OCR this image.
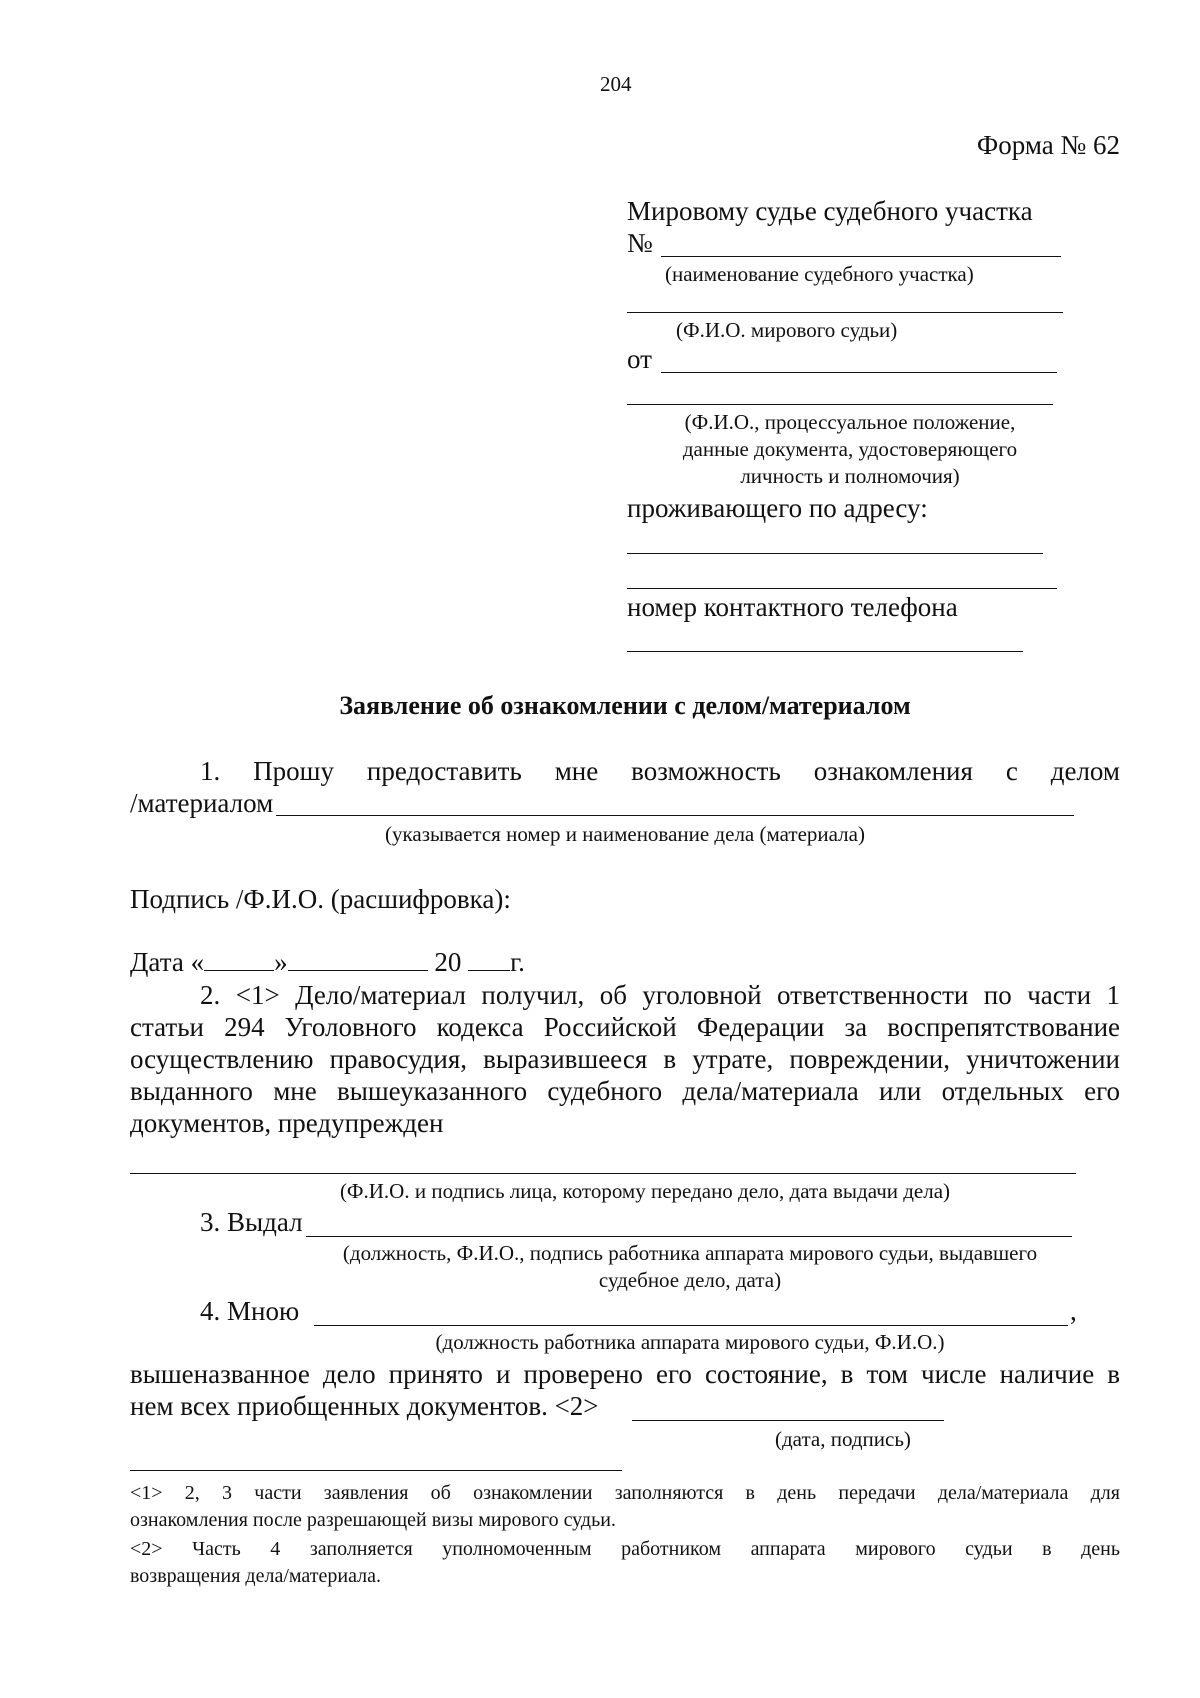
204
Форма № 62
Мировому судье судебного участка
№
(наименование судебного участка)
(Ф.И.О. мирового судьи)
от
(Ф.И.О., процессуальное положение,
данные документа, удостоверяющего
личность и полномочия)
проживающего по адресу:
номер контактного телефона
Заявление об ознакомлении с делом/материалом
1. Прошу предоставить мне возможность ознакомления с делом
/материалом
(указывается номер и наименование дела (материала)
Подпись /Ф.И.О. (расшифровка):
Дата «	»	20 г.
2. <1> Дело/материал получил, об уголовной ответственности по части 1
статьи 294 Уголовного кодекса Российской Федерации за воспрепятствование
осуществлению правосудия, выразившееся в утрате, повреждении, уничтожении
выданного мне вышеуказанного судебного дела/материала или отдельных его
документов, предупрежден
(Ф.И.О. и подпись лица, которому передано дело, дата выдачи дела)
3. Выдал
(должность, Ф.И.О., подпись работника аппарата мирового судьи, выдавшего
судебное дело, дата)
4. Мною	,
(должность работника аппарата мирового судьи, Ф.И.О.)
вышеназванное дело принято и проверено его состояние, в том числе наличие в
нем всех приобщенных документов. <2>
(дата, подпись)
<1> 2, 3 части заявления об ознакомлении заполняются в день передачи дела/материала для
ознакомления после разрешающей визы мирового судьи.
<2> Часть 4 заполняется уполномоченным работником аппарата мирового судьи в день
возвращения дела/материала.
